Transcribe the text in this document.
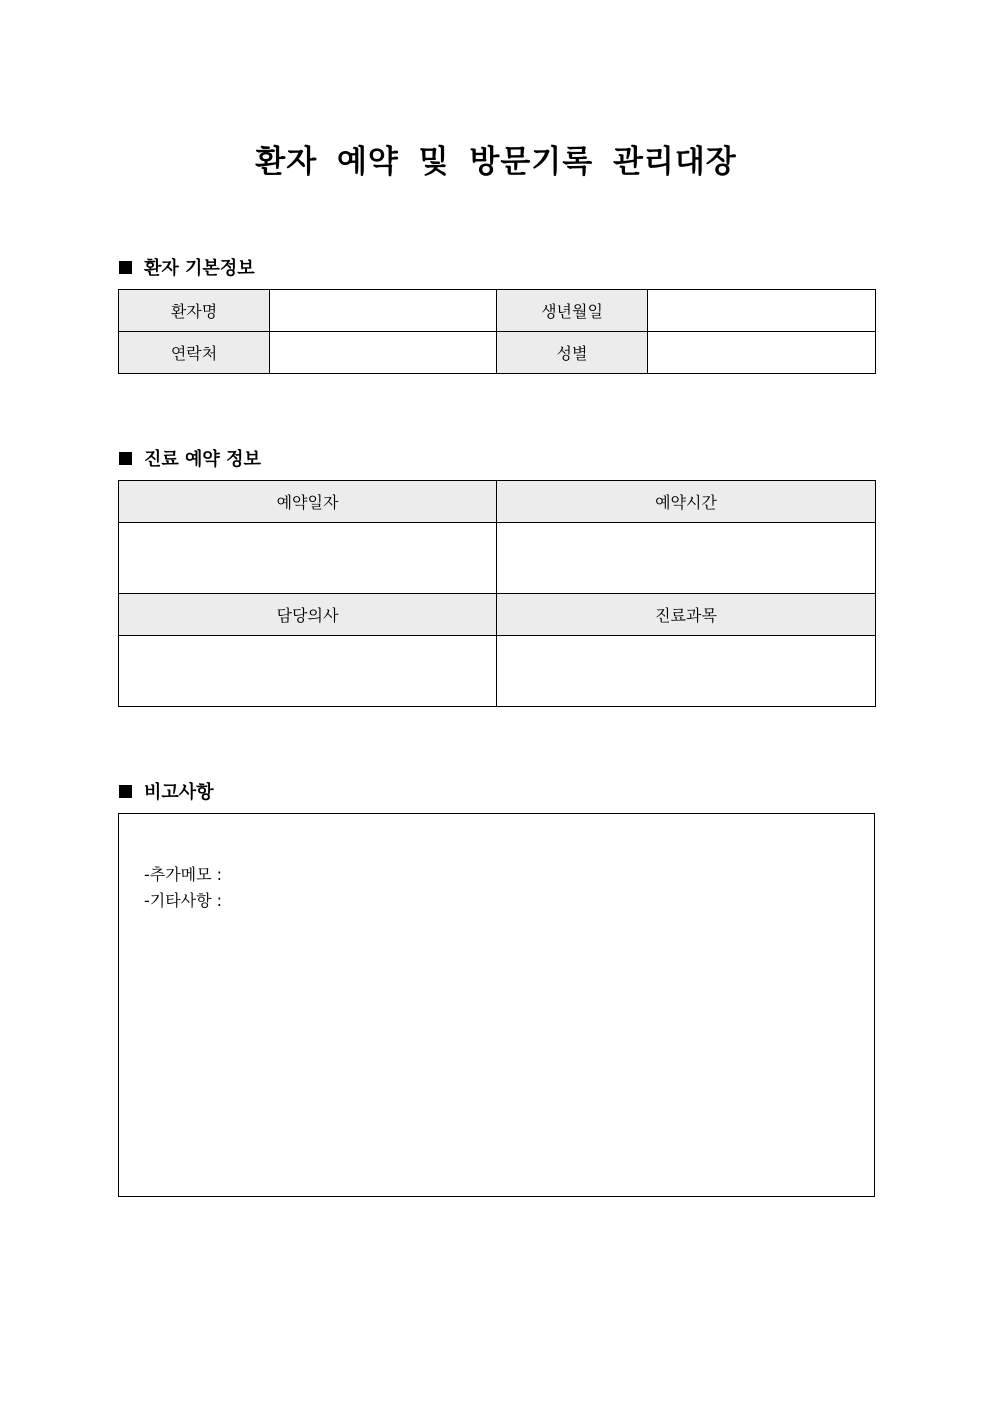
환자 예약 및 방문기록 관리대장
환자 기본정보
환자명		생년월일	
연락처		성별	
진료 예약 정보
예약일자	예약시간

담당의사	진료과목

비고사항
-추가메모 :
-기타사항 :
